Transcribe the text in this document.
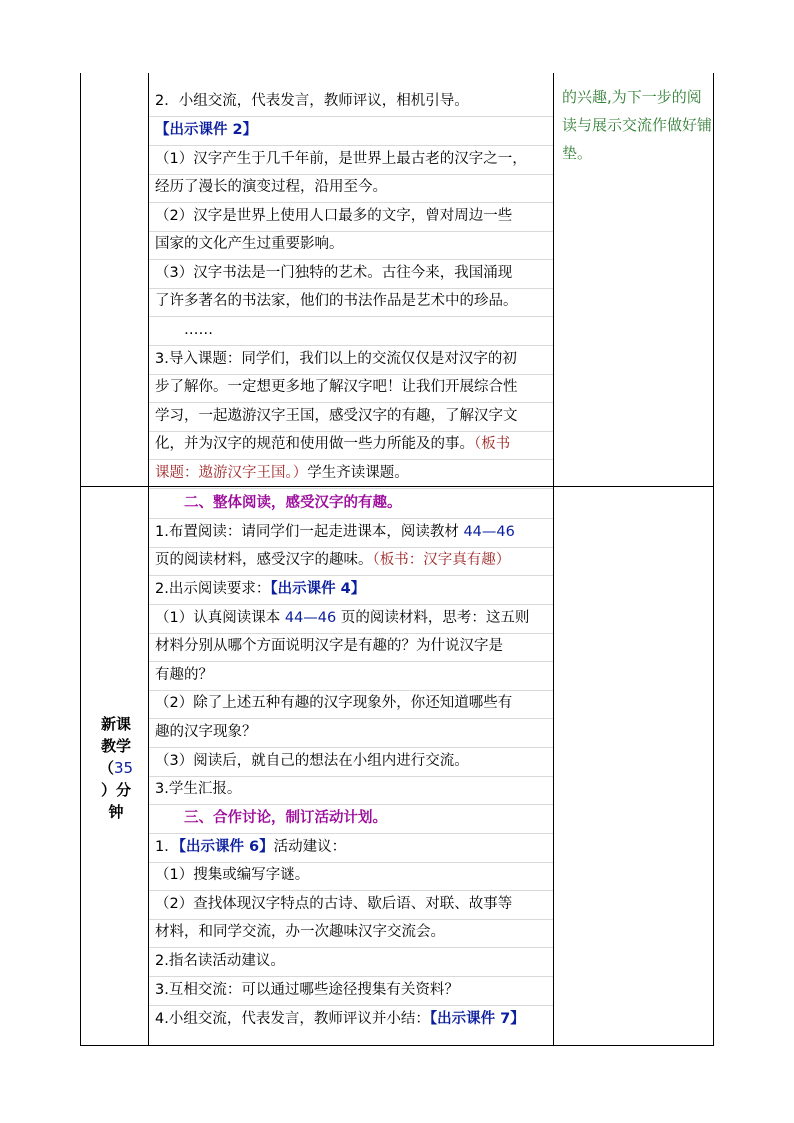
的兴趣,为下一步的阅读与展示交流作做好铺垫。
新课
教学
（35
）分
钟
2．小组交流，代表发言，教师评议，相机引导。
【出示课件 2】
（1）汉字产生于几千年前，是世界上最古老的汉字之一，
经历了漫长的演变过程，沿用至今。
（2）汉字是世界上使用人口最多的文字，曾对周边一些
国家的文化产生过重要影响。
（3）汉字书法是一门独特的艺术。古往今来，我国涌现
了许多著名的书法家，他们的书法作品是艺术中的珍品。
　　……
3.导入课题：同学们，我们以上的交流仅仅是对汉字的初
步了解你。一定想更多地了解汉字吧！让我们开展综合性
学习，一起遨游汉字王国，感受汉字的有趣，了解汉字文
化，并为汉字的规范和使用做一些力所能及的事。（板书
课题：遨游汉字王国。）学生齐读课题。
　　二、整体阅读，感受汉字的有趣。
1.布置阅读：请同学们一起走进课本，阅读教材 44—46
页的阅读材料，感受汉字的趣味。（板书：汉字真有趣）
2.出示阅读要求：【出示课件 4】
（1）认真阅读课本 44—46 页的阅读材料，思考：这五则
材料分别从哪个方面说明汉字是有趣的？为什说汉字是
有趣的？
（2）除了上述五种有趣的汉字现象外，你还知道哪些有
趣的汉字现象？
（3）阅读后，就自己的想法在小组内进行交流。
3.学生汇报。
　　三、合作讨论，制订活动计划。
1．【出示课件 6】活动建议：
（1）搜集或编写字谜。
（2）查找体现汉字特点的古诗、歇后语、对联、故事等
材料，和同学交流，办一次趣味汉字交流会。
2.指名读活动建议。
3.互相交流：可以通过哪些途径搜集有关资料？
4.小组交流，代表发言，教师评议并小结：【出示课件 7】
